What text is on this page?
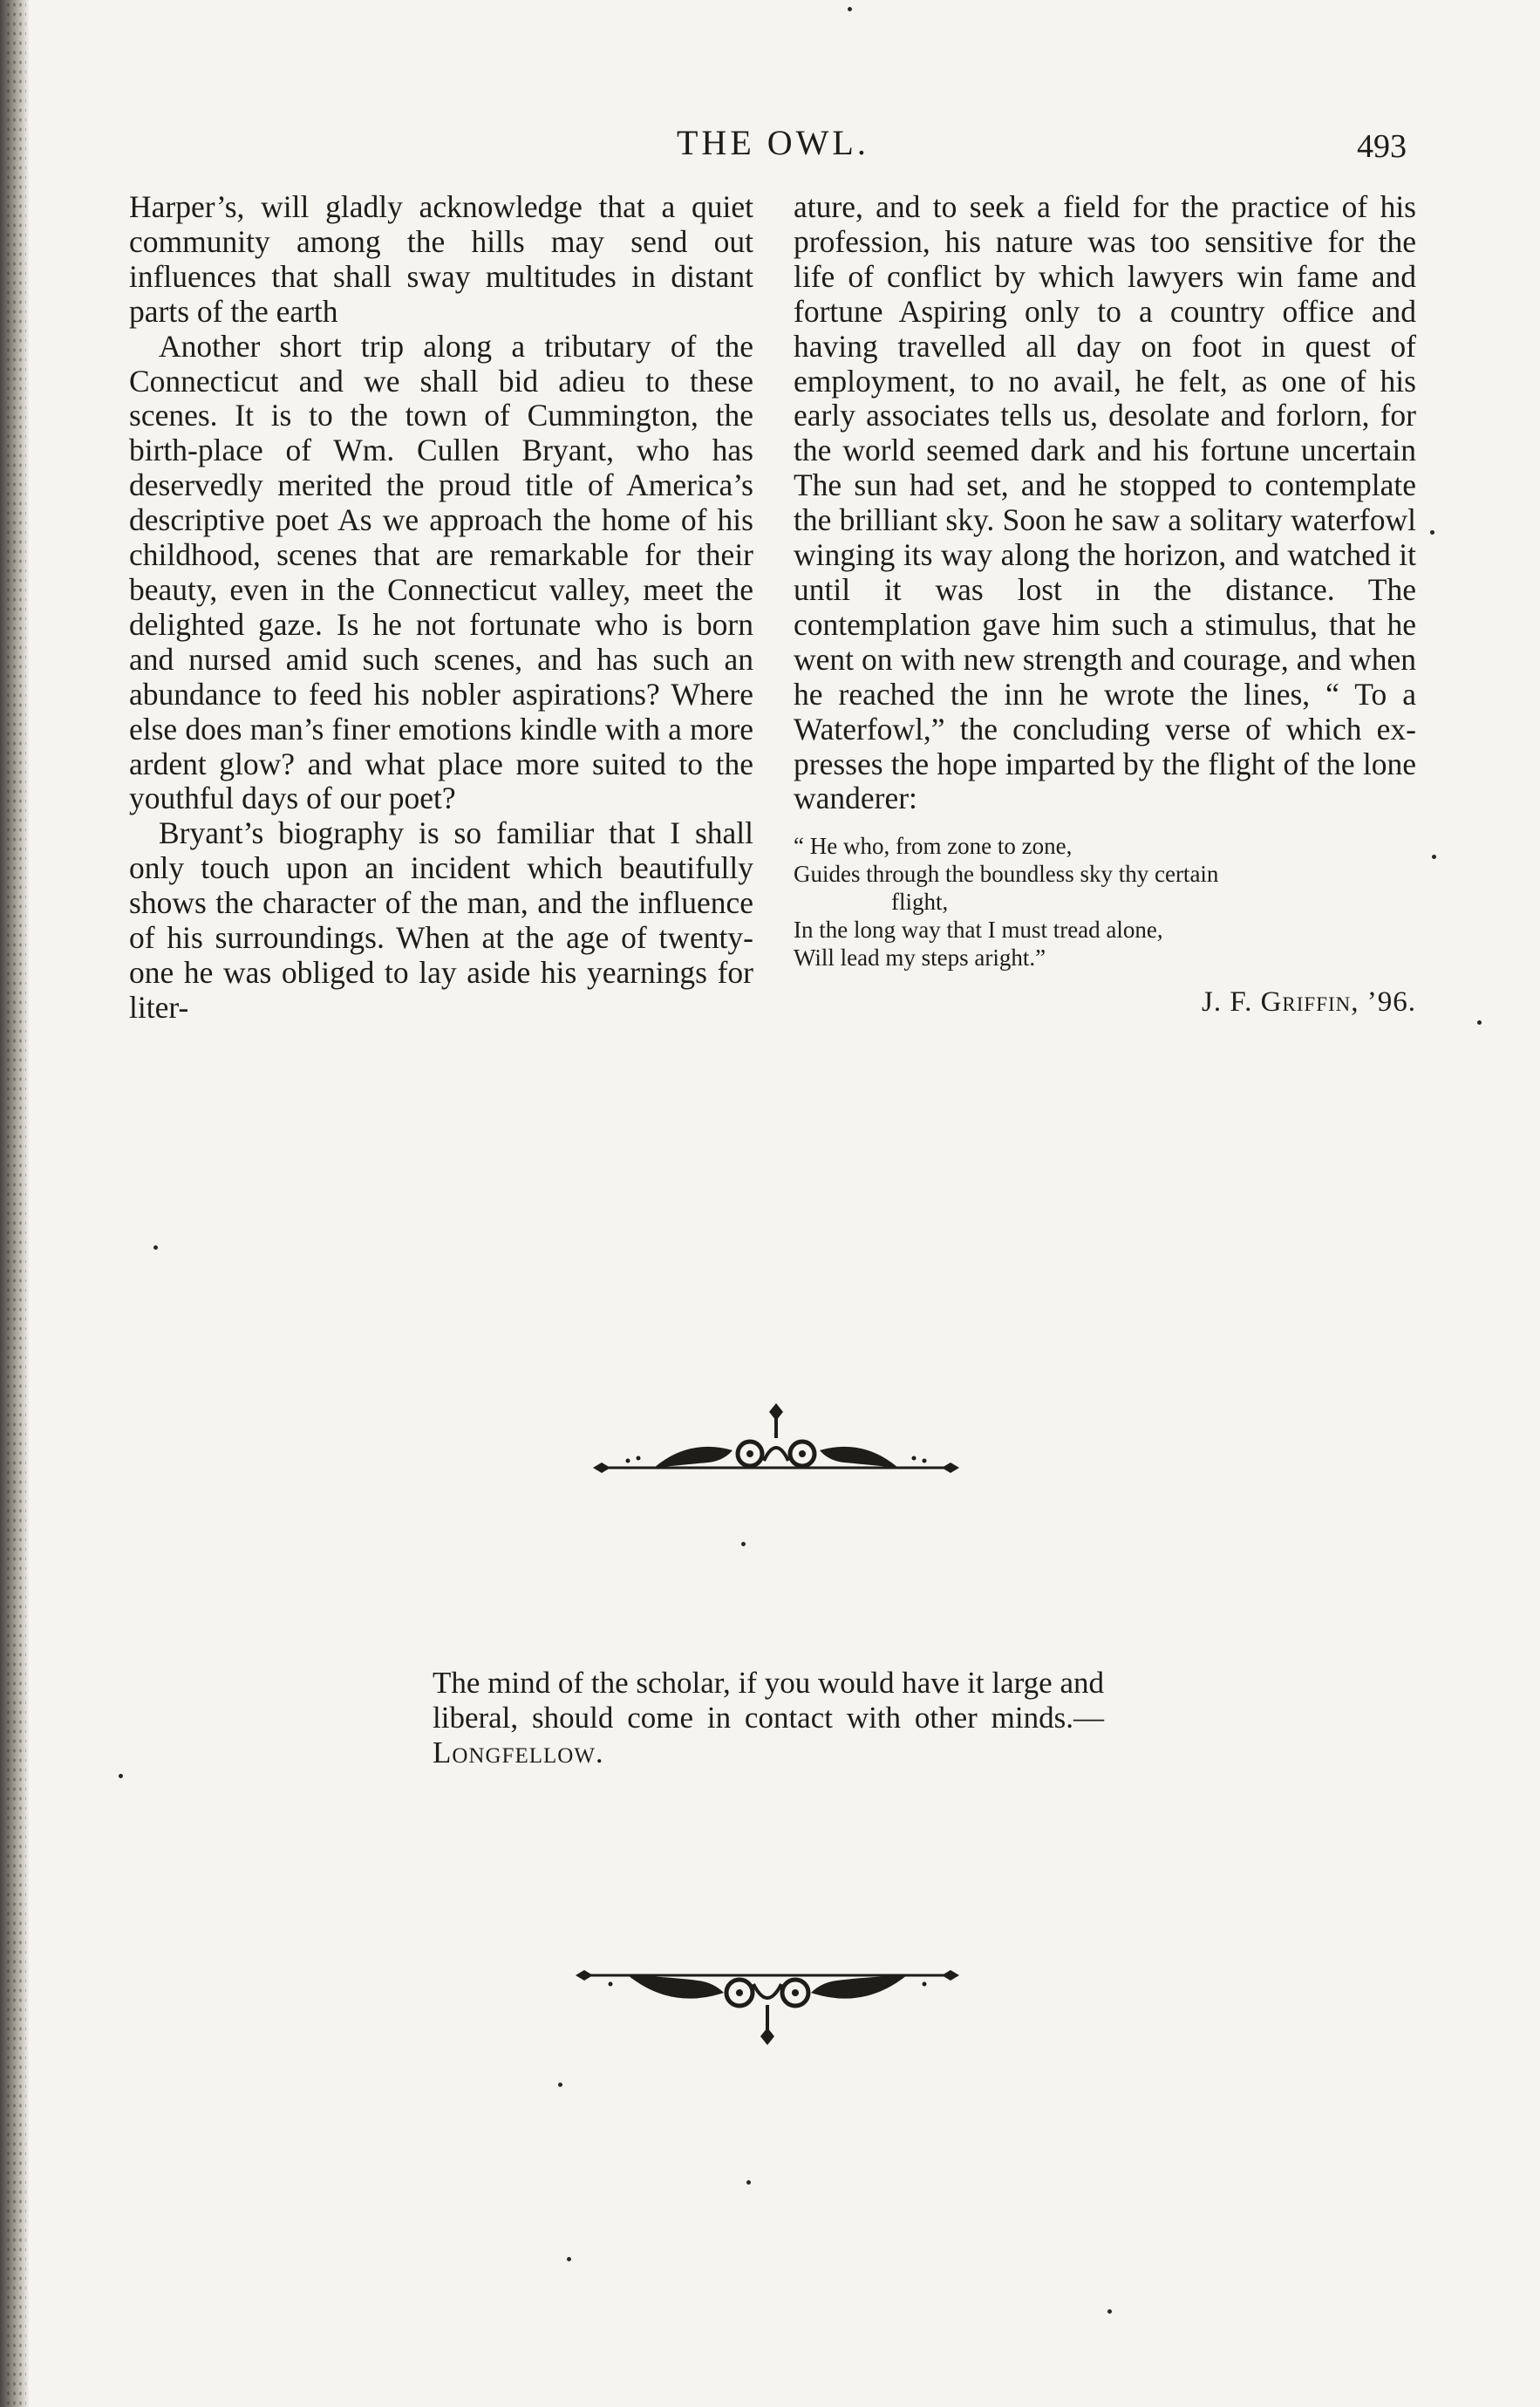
THE OWL.	493

Harper’s, will gladly acknowledge that a quiet community among the hills may send out influences that shall sway multitudes in distant parts of the earth

Another short trip along a tributary of the Connecticut and we shall bid adieu to these scenes. It is to the town of Cummington, the birth-place of Wm. Cullen Bryant, who has deservedly merited the proud title of America’s descriptive poet As we approach the home of his childhood, scenes that are remarkable for their beauty, even in the Connecticut valley, meet the delighted gaze. Is he not fortunate who is born and nursed amid such scenes, and has such an abundance to feed his nobler aspirations? Where else does man’s finer emotions kindle with a more ardent glow? and what place more suited to the youthful days of our poet?

Bryant’s biography is so familiar that I shall only touch upon an incident which beautifully shows the character of the man, and the influence of his surroundings. When at the age of twenty-one he was obliged to lay aside his yearnings for liter-

ature, and to seek a field for the practice of his profession, his nature was too sensitive for the life of conflict by which lawyers win fame and fortune Aspiring only to a country office and having travelled all day on foot in quest of employment, to no avail, he felt, as one of his early associates tells us, desolate and forlorn, for the world seemed dark and his fortune uncertain The sun had set, and he stopped to contemplate the brilliant sky. Soon he saw a solitary waterfowl winging its way along the horizon, and watched it until it was lost in the distance. The contemplation gave him such a stimulus, that he went on with new strength and courage, and when he reached the inn he wrote the lines, “ To a Waterfowl,” the concluding verse of which expresses the hope imparted by the flight of the lone wanderer:

“ He who, from zone to zone,
Guides through the boundless sky thy certain
flight,
In the long way that I must tread alone,
Will lead my steps aright.”
J. F. Griffin, ’96.
The mind of the scholar, if you would have it large and liberal, should come in contact with other minds.—Longfellow.
